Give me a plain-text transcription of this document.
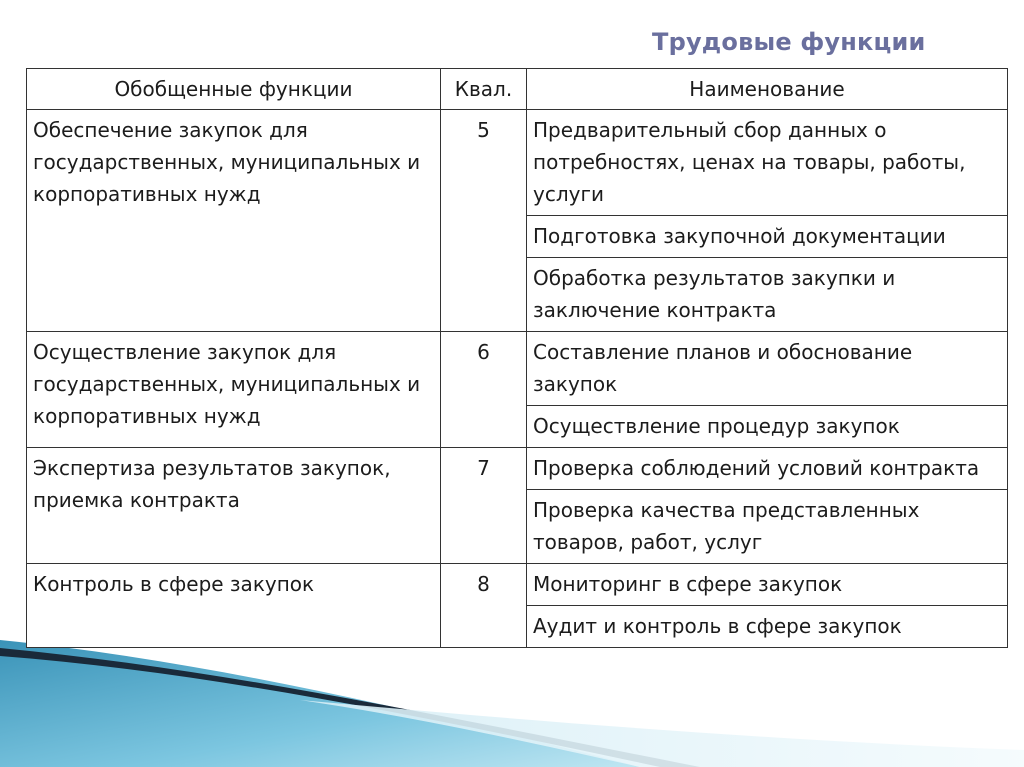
Трудовые функции
Обобщенные функции	Квал.	Наименование
Обеспечение закупок для государственных, муниципальных и корпоративных нужд	5	Предварительный сбор данных о потребностях, ценах на товары, работы, услуги
		Подготовка закупочной документации
		Обработка результатов закупки и заключение контракта
Осуществление закупок для государственных, муниципальных и корпоративных нужд	6	Составление планов и обоснование закупок
		Осуществление процедур закупок
Экспертиза результатов закупок, приемка контракта	7	Проверка соблюдений условий контракта
		Проверка качества представленных товаров, работ, услуг
Контроль в сфере закупок	8	Мониторинг в сфере закупок
		Аудит и контроль в сфере закупок
